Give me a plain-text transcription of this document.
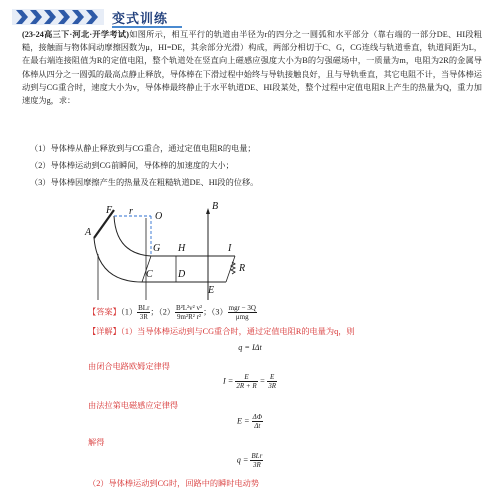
变式训练
(23-24高三下·河北·开学考试)如图所示，相互平行的轨道由半径为r的四分之一圆弧和水平部分（靠右端的一部分DE、HI段粗糙，接触面与物体间动摩擦因数为μ，HI=DE，其余部分光滑）构成，两部分相切于C、G，CG连线与轨道垂直，轨道间距为L，在最右端连接阻值为R的定值电阻，整个轨道处在竖直向上磁感应强度大小为B的匀强磁场中，一质量为m，电阻为2R的金属导体棒从四分之一圆弧的最高点静止释放，导体棒在下滑过程中始终与导轨接触良好，且与导轨垂直，其它电阻不计，当导体棒运动到与CG重合时，速度大小为v，导体棒最终静止于水平轨道DE、HI段某处，整个过程中定值电阻R上产生的热量为Q，重力加速度为g，求：
（1）导体棒从静止释放到与CG重合，通过定值电阻R的电量；
（2）导体棒运动到CG前瞬间，导体棒的加速度的大小；
（3）导体棒因摩擦产生的热量及在粗糙轨道DE、HI段的位移。
F r O
A
B
G H	I
R
C	D
E
【答案】$(1) \frac{\text{BLr}}{3R}$ ；$(2) \frac{\text{B²L²v² v²}}{\text{9m²R² r²}}$ ；$(3) \frac{\text{mgr − 3Q}}{\text{μmg}}$
【详解】（1）当导体棒运动到与CG重合时，通过定值电阻R的电量为q，则
q = IΔt
由闭合电路欧姆定律得
$I = \frac{E}{2R + R} = \frac{E}{3R}$
由法拉第电磁感应定律得
$E = \frac{\Delta\Phi}{\Delta t}$
解得
$q = \frac{\text{BLr}}{3R}$
（2）导体棒运动到CG时，回路中的瞬时电动势
